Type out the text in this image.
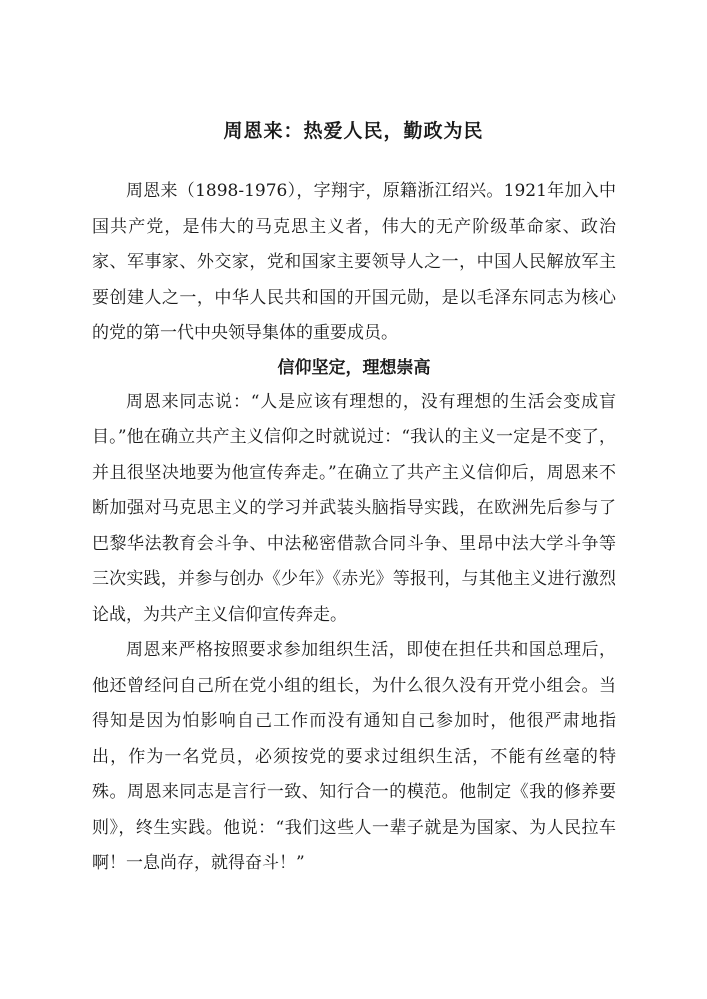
周恩来：热爱人民，勤政为民

周恩来（1898-1976），字翔宇，原籍浙江绍兴。1921年加入中国共产党，是伟大的马克思主义者，伟大的无产阶级革命家、政治家、军事家、外交家，党和国家主要领导人之一，中国人民解放军主要创建人之一，中华人民共和国的开国元勋，是以毛泽东同志为核心的党的第一代中央领导集体的重要成员。

信仰坚定，理想崇高

周恩来同志说：“人是应该有理想的，没有理想的生活会变成盲目。”他在确立共产主义信仰之时就说过：“我认的主义一定是不变了，并且很坚决地要为他宣传奔走。”在确立了共产主义信仰后，周恩来不断加强对马克思主义的学习并武装头脑指导实践，在欧洲先后参与了巴黎华法教育会斗争、中法秘密借款合同斗争、里昂中法大学斗争等三次实践，并参与创办《少年》《赤光》等报刊，与其他主义进行激烈论战，为共产主义信仰宣传奔走。

周恩来严格按照要求参加组织生活，即使在担任共和国总理后，他还曾经问自己所在党小组的组长，为什么很久没有开党小组会。当得知是因为怕影响自己工作而没有通知自己参加时，他很严肃地指出，作为一名党员，必须按党的要求过组织生活，不能有丝毫的特殊。周恩来同志是言行一致、知行合一的模范。他制定《我的修养要则》，终生实践。他说：“我们这些人一辈子就是为国家、为人民拉车啊！一息尚存，就得奋斗！”
